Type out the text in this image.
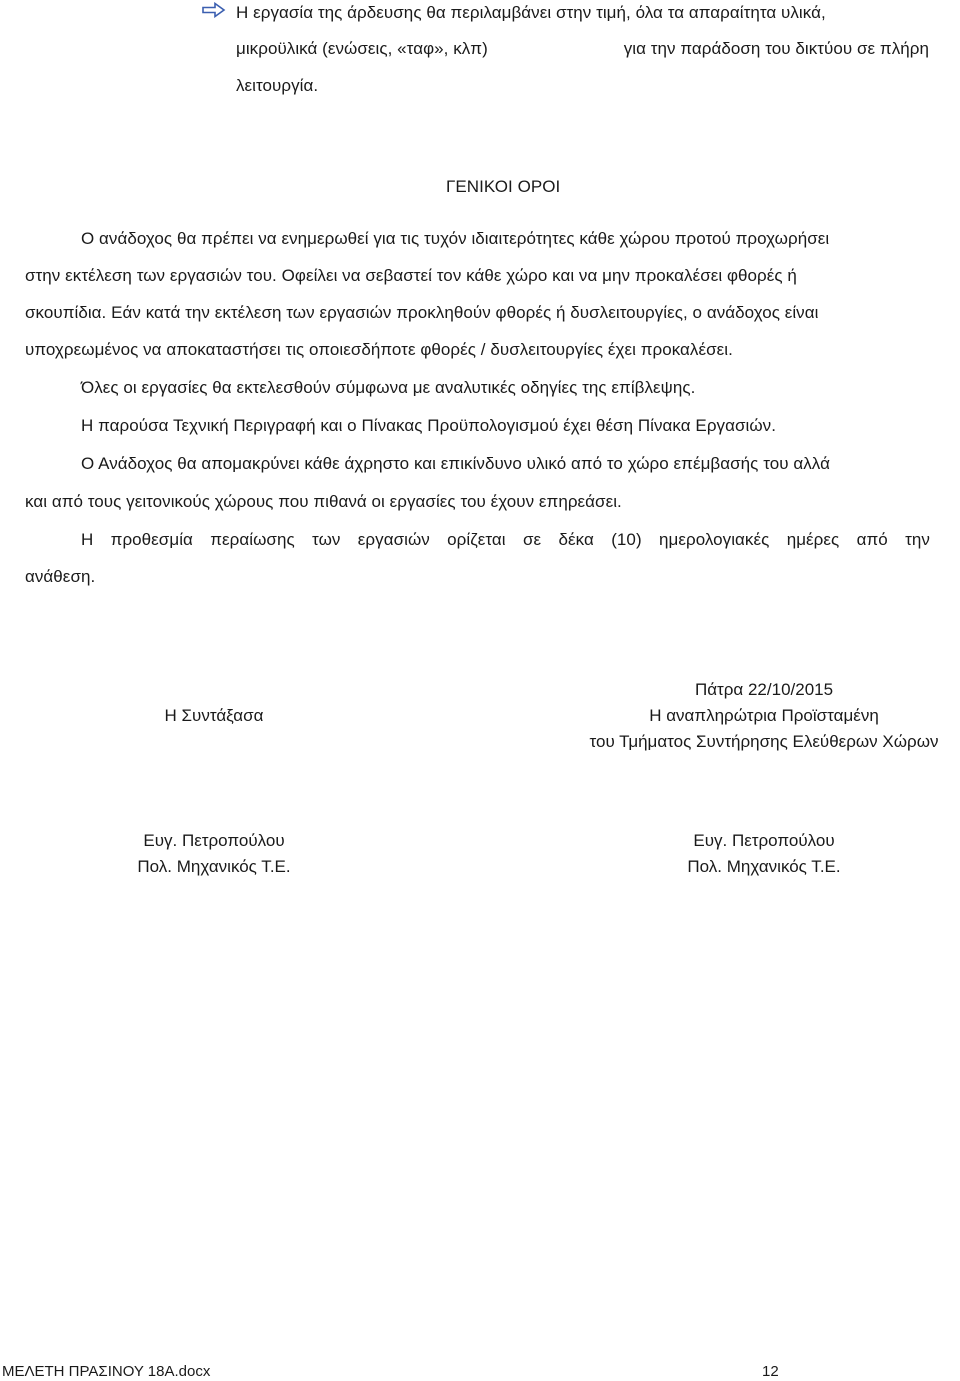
Η εργασία της άρδευσης θα περιλαμβάνει στην τιμή, όλα τα απαραίτητα υλικά,
μικροϋλικά (ενώσεις, «ταφ», κλπ)	για την παράδοση του δικτύου σε πλήρη
λειτουργία.
ΓΕΝΙΚΟΙ ΟΡΟΙ
Ο ανάδοχος θα πρέπει να ενημερωθεί για τις τυχόν ιδιαιτερότητες κάθε χώρου προτού προχωρήσει
στην εκτέλεση των εργασιών του. Οφείλει να σεβαστεί τον κάθε χώρο και να μην προκαλέσει φθορές ή
σκουπίδια. Εάν κατά την εκτέλεση των εργασιών προκληθούν φθορές ή δυσλειτουργίες, ο ανάδοχος είναι
υποχρεωμένος να αποκαταστήσει τις οποιεσδήποτε φθορές / δυσλειτουργίες έχει προκαλέσει.
Όλες οι εργασίες θα εκτελεσθούν σύμφωνα με αναλυτικές οδηγίες της επίβλεψης.
Η παρούσα Τεχνική Περιγραφή και ο Πίνακας Προϋπολογισμού έχει θέση Πίνακα Εργασιών.
Ο Ανάδοχος θα απομακρύνει κάθε άχρηστο και επικίνδυνο υλικό από το χώρο επέμβασής του αλλά
και από τους γειτονικούς χώρους που πιθανά οι εργασίες του έχουν επηρεάσει.
Η προθεσμία περαίωσης των εργασιών ορίζεται σε δέκα (10) ημερολογιακές ημέρες από την
ανάθεση.
Πάτρα 22/10/2015
Η Συντάξασα	Η αναπληρώτρια Προϊσταμένη
του Τμήματος Συντήρησης Ελεύθερων Χώρων
Ευγ. Πετροπούλου
Πολ. Μηχανικός Τ.Ε.
Ευγ. Πετροπούλου
Πολ. Μηχανικός Τ.Ε.
ΜΕΛΕΤΗ ΠΡΑΣΙΝΟΥ 18Α.docx	12
